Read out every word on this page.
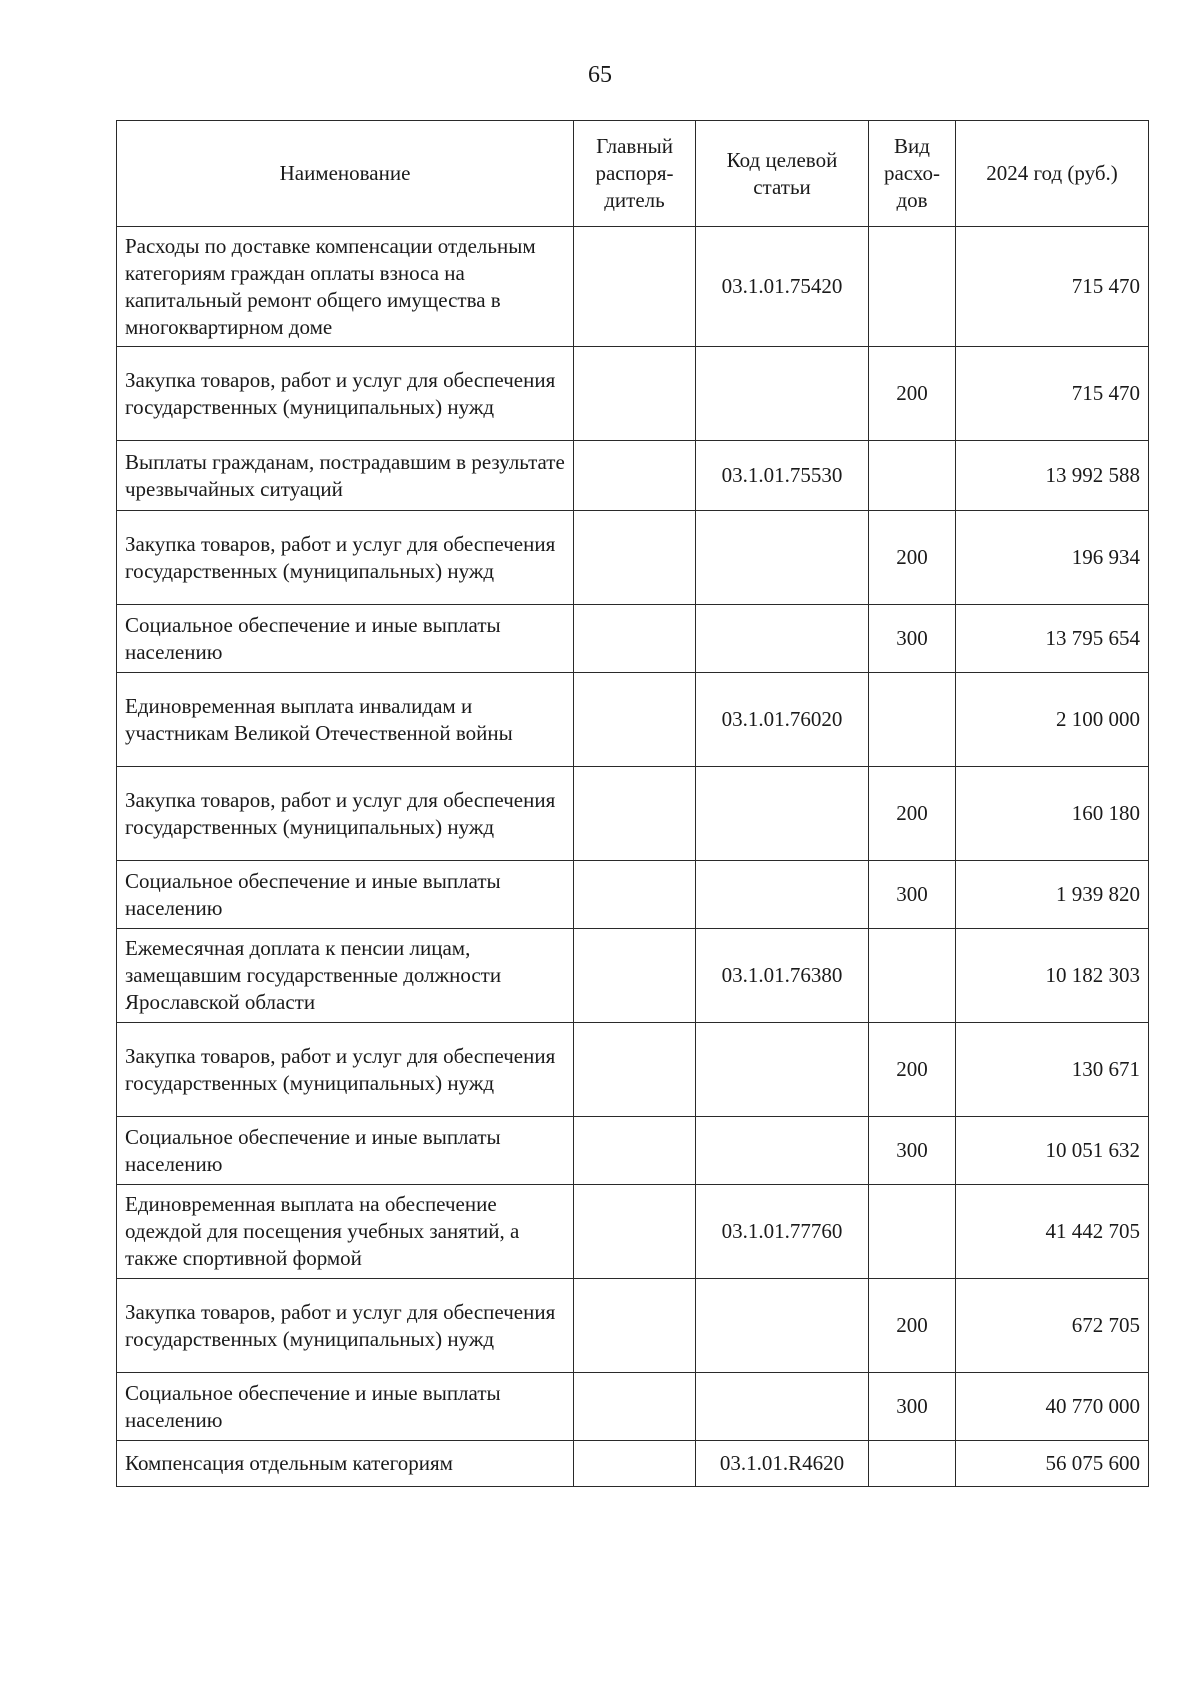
65
Наименование	Главный распоря-дитель	Код целевой статьи	Вид расхо-дов	2024 год (руб.)
Расходы по доставке компенсации отдельным категориям граждан оплаты взноса на капитальный ремонт общего имущества в многоквартирном доме		03.1.01.75420		715 470
Закупка товаров, работ и услуг для обеспечения государственных (муниципальных) нужд			200	715 470
Выплаты гражданам, пострадавшим в результате чрезвычайных ситуаций		03.1.01.75530		13 992 588
Закупка товаров, работ и услуг для обеспечения государственных (муниципальных) нужд			200	196 934
Социальное обеспечение и иные выплаты населению			300	13 795 654
Единовременная выплата инвалидам и участникам Великой Отечественной войны		03.1.01.76020		2 100 000
Закупка товаров, работ и услуг для обеспечения государственных (муниципальных) нужд			200	160 180
Социальное обеспечение и иные выплаты населению			300	1 939 820
Ежемесячная доплата к пенсии лицам, замещавшим государственные должности Ярославской области		03.1.01.76380		10 182 303
Закупка товаров, работ и услуг для обеспечения государственных (муниципальных) нужд			200	130 671
Социальное обеспечение и иные выплаты населению			300	10 051 632
Единовременная выплата на обеспечение одеждой для посещения учебных занятий, а также спортивной формой		03.1.01.77760		41 442 705
Закупка товаров, работ и услуг для обеспечения государственных (муниципальных) нужд			200	672 705
Социальное обеспечение и иные выплаты населению			300	40 770 000
Компенсация отдельным категориям		03.1.01.R4620		56 075 600
